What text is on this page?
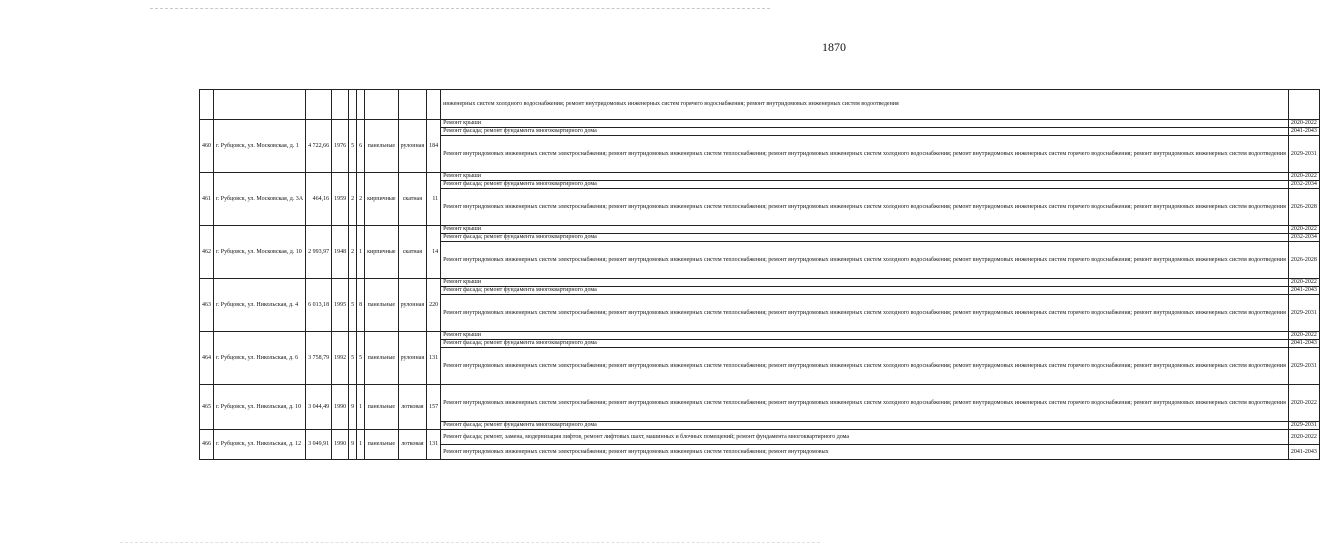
1870
									инженерных систем холодного водоснабжения; ремонт внутридомовых инженерных систем горячего водоснабжения; ремонт внутридомовых инженерных систем водоотведения	
460	г. Рубцовск, ул. Московская, д. 1	4 722,66	1976	5	6	панельные	рулонная	184	Ремонт крыши	2020-2022
									Ремонт фасада; ремонт фундамента многоквартирного дома	2041-2043
									Ремонт внутридомовых инженерных систем электроснабжения; ремонт внутридомовых инженерных систем теплоснабжения; ремонт внутридомовых инженерных систем холодного водоснабжения; ремонт внутридомовых инженерных систем горячего водоснабжения; ремонт внутридомовых инженерных систем водоотведения	2029-2031
461	г. Рубцовск, ул. Московская, д. 3А	464,16	1959	2	2	кирпичные	скатная	11	Ремонт крыши	2020-2022
									Ремонт фасада; ремонт фундамента многоквартирного дома	2032-2034
									Ремонт внутридомовых инженерных систем электроснабжения; ремонт внутридомовых инженерных систем теплоснабжения; ремонт внутридомовых инженерных систем холодного водоснабжения; ремонт внутридомовых инженерных систем горячего водоснабжения; ремонт внутридомовых инженерных систем водоотведения	2026-2028
462	г. Рубцовск, ул. Московская, д. 10	2 993,97	1948	2	1	кирпичные	скатная	14	Ремонт крыши	2020-2022
									Ремонт фасада; ремонт фундамента многоквартирного дома	2032-2034
									Ремонт внутридомовых инженерных систем электроснабжения; ремонт внутридомовых инженерных систем теплоснабжения; ремонт внутридомовых инженерных систем холодного водоснабжения; ремонт внутридомовых инженерных систем горячего водоснабжения; ремонт внутридомовых инженерных систем водоотведения	2026-2028
463	г. Рубцовск, ул. Никольская, д. 4	6 013,18	1995	5	8	панельные	рулонная	220	Ремонт крыши	2020-2022
									Ремонт фасада; ремонт фундамента многоквартирного дома	2041-2043
									Ремонт внутридомовых инженерных систем электроснабжения; ремонт внутридомовых инженерных систем теплоснабжения; ремонт внутридомовых инженерных систем холодного водоснабжения; ремонт внутридомовых инженерных систем горячего водоснабжения; ремонт внутридомовых инженерных систем водоотведения	2029-2031
464	г. Рубцовск, ул. Никольская, д. 6	3 758,79	1992	5	5	панельные	рулонная	131	Ремонт крыши	2020-2022
									Ремонт фасада; ремонт фундамента многоквартирного дома	2041-2043
									Ремонт внутридомовых инженерных систем электроснабжения; ремонт внутридомовых инженерных систем теплоснабжения; ремонт внутридомовых инженерных систем холодного водоснабжения; ремонт внутридомовых инженерных систем горячего водоснабжения; ремонт внутридомовых инженерных систем водоотведения	2029-2031
465	г. Рубцовск, ул. Никольская, д. 10	3 044,49	1990	9	1	панельные	лотковая	157	Ремонт внутридомовых инженерных систем электроснабжения; ремонт внутридомовых инженерных систем теплоснабжения; ремонт внутридомовых инженерных систем холодного водоснабжения; ремонт внутридомовых инженерных систем горячего водоснабжения; ремонт внутридомовых инженерных систем водоотведения	2020-2022
									Ремонт фасада; ремонт фундамента многоквартирного дома	2029-2031
466	г. Рубцовск, ул. Никольская, д. 12	3 049,91	1990	9	1	панельные	лотковая	131	Ремонт фасада; ремонт, замена, модернизация лифтов, ремонт лифтовых шахт, машинных и блочных помещений; ремонт фундамента многоквартирного дома	2020-2022
									Ремонт внутридомовых инженерных систем электроснабжения; ремонт внутридомовых инженерных систем теплоснабжения; ремонт внутридомовых	2041-2043
